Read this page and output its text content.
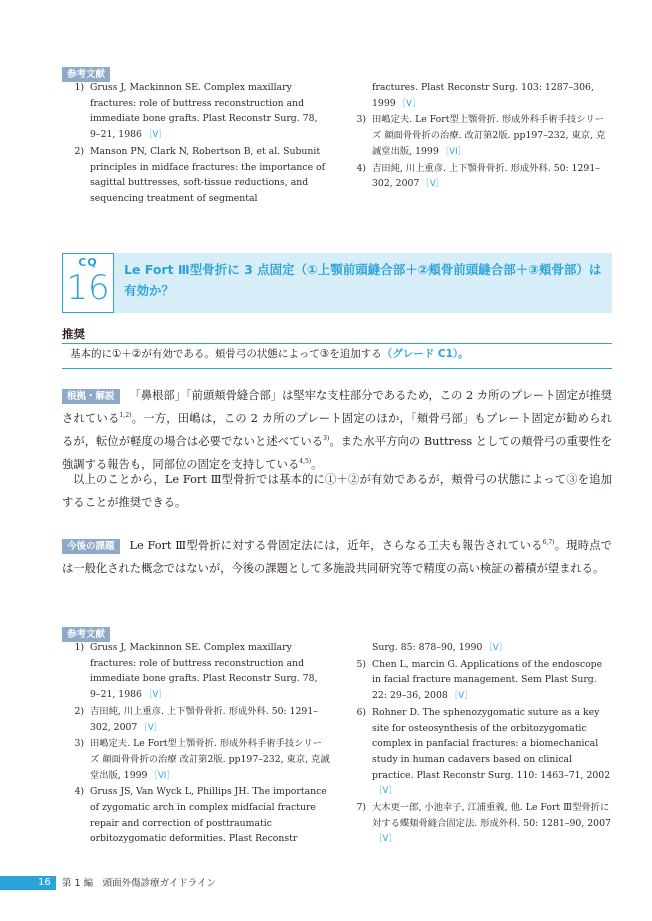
参考文献
1) Gruss J, Mackinnon SE. Complex maxillary fractures: role of buttress reconstruction and immediate bone grafts. Plast Reconstr Surg. 78, 9–21, 1986 ［V］
2) Manson PN, Clark N, Robertson B, et al. Subunit principles in midface fractures: the importance of sagittal buttresses, soft-tissue reductions, and sequencing treatment of segmental
fractures. Plast Reconstr Surg. 103: 1287–306, 1999 ［V］
3) 田嶋定夫. Le Fort型上顎骨折. 形成外科手術手技シリーズ 顔面骨骨折の治療. 改訂第2版. pp197–232, 東京, 克誠堂出版, 1999 ［VI］
4) 吉田純, 川上重彦. 上下顎骨骨折. 形成外科. 50: 1291–302, 2007 ［V］
CQ
16 Le Fort Ⅲ型骨折に 3 点固定（①上顎前頭縫合部＋②頬骨前頭縫合部＋③頬骨部）は有効か？
推奨
基本的に①＋②が有効である。頬骨弓の状態によって③を追加する（グレード C1）。
根拠・解説 「鼻根部」「前頭頬骨縫合部」は堅牢な支柱部分であるため，この 2 カ所のプレート固定が推奨されている$^{1,2)}$。一方，田嶋は，この 2 カ所のプレート固定のほか，「頬骨弓部」もプレート固定が勧められるが，転位が軽度の場合は必要でないと述べている$^{3)}$。また水平方向の Buttress としての頬骨弓の重要性を強調する報告も，同部位の固定を支持している$^{4,5)}$。
以上のことから，Le Fort Ⅲ型骨折では基本的に①＋②が有効であるが，頬骨弓の状態によって③を追加することが推奨できる。
今後の課題 Le Fort Ⅲ型骨折に対する骨固定法には，近年，さらなる工夫も報告されている$^{6,7)}$。現時点では一般化された概念ではないが，今後の課題として多施設共同研究等で精度の高い検証の蓄積が望まれる。
参考文献
1) Gruss J, Mackinnon SE. Complex maxillary fractures: role of buttress reconstruction and immediate bone grafts. Plast Reconstr Surg. 78, 9–21, 1986 ［V］
2) 吉田純, 川上重彦. 上下顎骨骨折. 形成外科. 50: 1291–302, 2007 ［V］
3) 田嶋定夫. Le Fort型上顎骨折. 形成外科手術手技シリーズ 顔面骨骨折の治療 改訂第2版. pp197–232, 東京, 克誠堂出版, 1999 ［VI］
4) Gruss JS, Van Wyck L, Phillips JH. The importance of zygomatic arch in complex midfacial fracture repair and correction of posttraumatic orbitozygomatic deformities. Plast Reconstr
Surg. 85: 878–90, 1990 ［V］
5) Chen L, marcin G. Applications of the endoscope in facial fracture management. Sem Plast Surg. 22: 29–36, 2008 ［V］
6) Rohner D. The sphenozygomatic suture as a key site for osteosynthesis of the orbitozygomatic complex in panfacial fractures: a biomechanical study in human cadavers based on clinical practice. Plast Reconstr Surg. 110: 1463–71, 2002［V］
7) 大木更一郎, 小池幸子, 江浦重義, 他. Le Fort Ⅲ型骨折に対する蝶頬骨縫合固定法. 形成外科. 50: 1281–90, 2007［V］
16 第 1 編　頭面外傷診療ガイドライン
